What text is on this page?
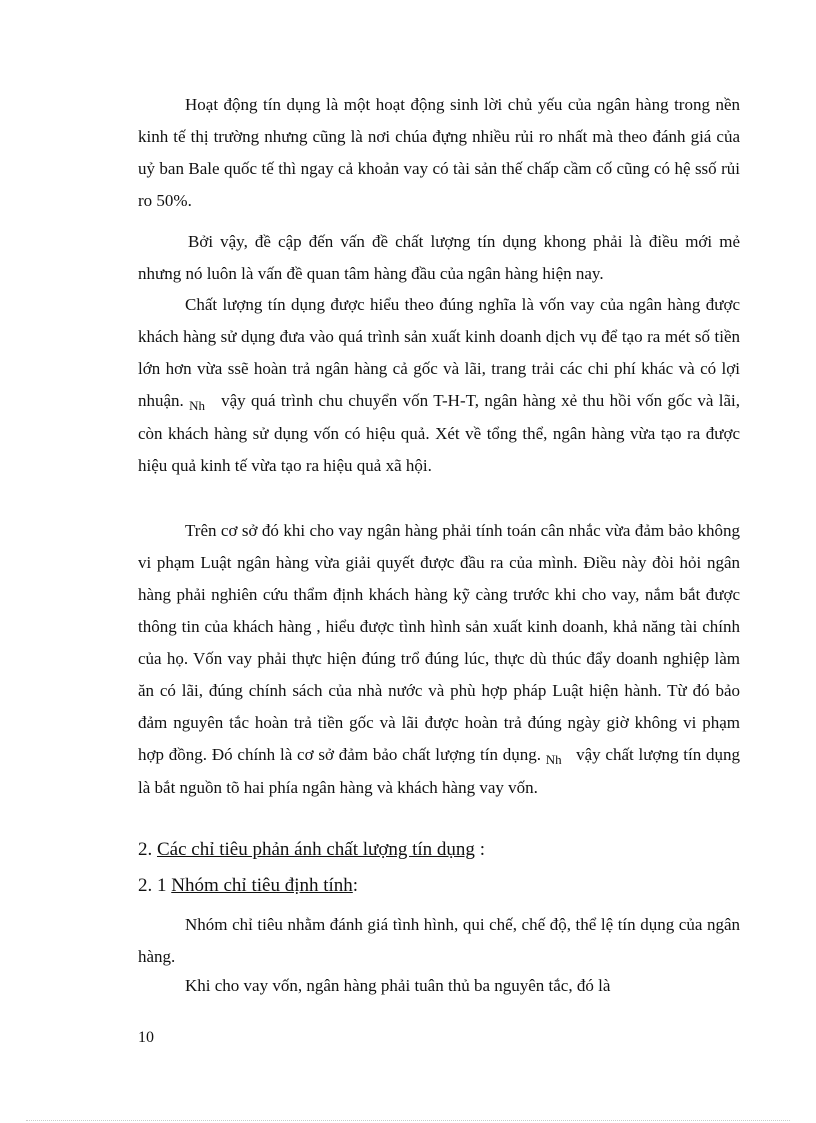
Hoạt động tín dụng là một hoạt động sinh lời chủ yếu của ngân hàng trong nền kinh tế thị trường nhưng cũng là nơi chúa đựng nhiều rủi ro nhất mà theo đánh giá của uỷ ban Bale quốc tế thì ngay cả khoản vay có tài sản thế chấp cầm cố cũng có hệ ssố rủi ro 50%.

Bởi vậy, đề cập đến vấn đề chất lượng tín dụng khong phải là điều mới mẻ nhưng nó luôn là vấn đề quan tâm hàng đầu của ngân hàng hiện nay.

Chất lượng tín dụng được hiểu theo đúng nghĩa là vốn vay của ngân hàng được khách hàng sử dụng đưa vào quá trình sản xuất kinh doanh dịch vụ để tạo ra mét số tiền lớn hơn vừa ssẽ hoàn trả ngân hàng cả gốc và lãi, trang trải các chi phí khác và có lợi nhuận. $_{Nh}$ vậy quá trình chu chuyển vốn T-H-T, ngân hàng xẻ thu hồi vốn gốc và lãi, còn khách hàng sử dụng vốn có hiệu quả. Xét về tổng thể, ngân hàng vừa tạo ra được hiệu quả kinh tế vừa tạo ra hiệu quả xã hội.

Trên cơ sở đó khi cho vay ngân hàng phải tính toán cân nhắc vừa đảm bảo không vi phạm Luật ngân hàng vừa giải quyết được đầu ra của mình. Điều này đòi hỏi ngân hàng phải nghiên cứu thẩm định khách hàng kỹ càng trước khi cho vay, nắm bắt được thông tin của khách hàng , hiểu được tình hình sản xuất kinh doanh, khả năng tài chính của họ. Vốn vay phải thực hiện đúng trổ đúng lúc, thực dù thúc đẩy doanh nghiệp làm ăn có lãi, đúng chính sách của nhà nước và phù hợp pháp Luật hiện hành. Từ đó bảo đảm nguyên tắc hoàn trả tiền gốc và lãi được hoàn trả đúng ngày giờ không vi phạm hợp đồng. Đó chính là cơ sở đảm bảo chất lượng tín dụng. $_{Nh}$ vậy chất lượng tín dụng là bắt nguồn tõ hai phía ngân hàng và khách hàng vay vốn.

2. Các chỉ tiêu phản ánh chất lượng tín dụng :
2. 1 Nhóm chỉ tiêu định tính:

Nhóm chỉ tiêu nhằm đánh giá tình hình, qui chế, chế độ, thể lệ tín dụng của ngân hàng.

Khi cho vay vốn, ngân hàng phải tuân thủ ba nguyên tắc, đó là

10
